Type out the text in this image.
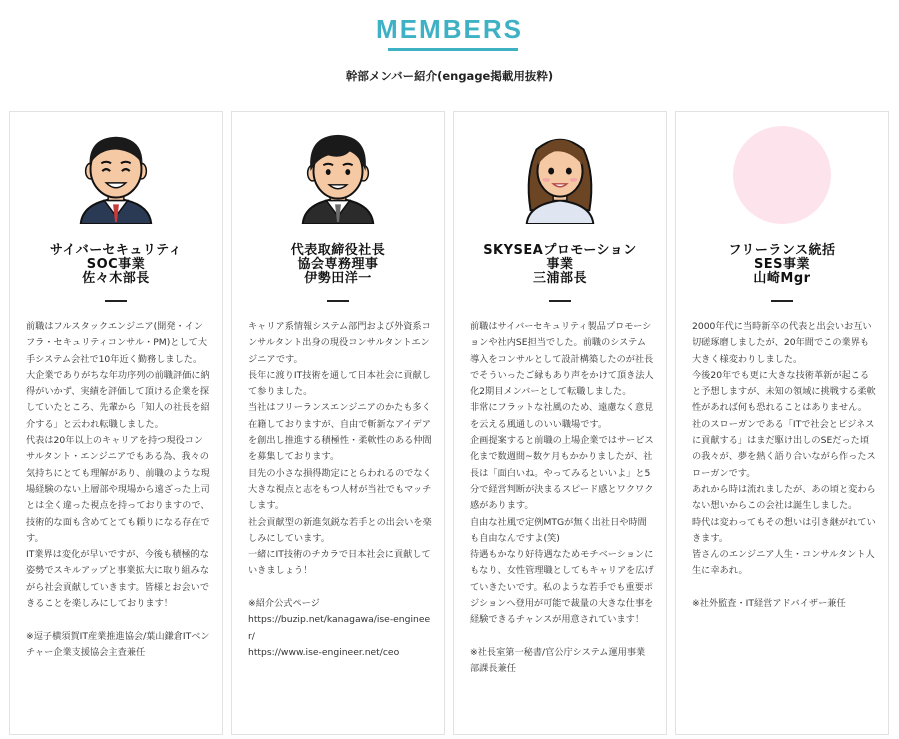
MEMBERS
幹部メンバー紹介(engage掲載用抜粋)
サイバーセキュリティ
SOC事業
佐々木部長

前職はフルスタックエンジニア(開発・インフラ・セキュリティコンサル・PM)として大手システム会社で10年近く勤務しました。
大企業でありがちな年功序列の前職評価に納得がいかず、実績を評価して頂ける企業を探していたところ、先輩から「知人の社長を紹介する」と云われ転職しました。
代表は20年以上のキャリアを持つ現役コンサルタント・エンジニアでもある為、我々の気持ちにとても理解があり、前職のような現場経験のない上層部や現場から遠ざった上司とは全く違った視点を持っておりますので、技術的な面も含めてとても頼りになる存在です。
IT業界は変化が早いですが、今後も積極的な姿勢でスキルアップと事業拡大に取り組みながら社会貢献していきます。皆様とお会いできることを楽しみにしております！

※逗子横須賀IT産業推進協会/葉山鎌倉ITベンチャー企業支援協会主査兼任

代表取締役社長
協会専務理事
伊勢田洋一

キャリア系情報システム部門および外資系コンサルタント出身の現役コンサルタントエンジニアです。
長年に渡りIT技術を通して日本社会に貢献して参りました。
当社はフリーランスエンジニアのかたも多く在籍しておりますが、自由で斬新なアイデアを創出し推進する積極性・柔軟性のある仲間を募集しております。
目先の小さな損得勘定にとらわれるのでなく大きな視点と志をもつ人材が当社でもマッチします。
社会貢献型の新進気鋭な若手との出会いを楽しみにしています。
一緒にIT技術のチカラで日本社会に貢献していきましょう！

※紹介公式ページ
https://buzip.net/kanagawa/ise-engineer/
https://www.ise-engineer.net/ceo

SKYSEAプロモーション
事業
三浦部長

前職はサイバーセキュリティ製品プロモーションや社内SE担当でした。前職のシステム導入をコンサルとして設計構築したのが社長でそういったご縁もあり声をかけて頂き法人化2期目メンバーとして転職しました。
非常にフラットな社風のため、遠慮なく意見を云える風通しのいい職場です。
企画提案すると前職の上場企業ではサービス化まで数週間~数ケ月もかかりましたが、社長は「面白いね。やってみるといいよ」と5分で経営判断が決まるスピード感とワクワク感があります。
自由な社風で定例MTGが無く出社日や時間も自由なんですよ(笑)
待遇もかなり好待遇なためモチベーションにもなり、女性管理職としてもキャリアを広げていきたいです。私のような若手でも重要ポジションへ登用が可能で裁量の大きな仕事を経験できるチャンスが用意されています！

※社長室第一秘書/官公庁システム運用事業部課長兼任

フリーランス統括
SES事業
山崎Mgr

2000年代に当時新卒の代表と出会いお互い切磋琢磨しましたが、20年間でこの業界も大きく様変わりしました。
今後20年でも更に大きな技術革新が起こると予想しますが、未知の領域に挑戦する柔軟性があれば何も恐れることはありません。
社のスローガンである「ITで社会とビジネスに貢献する」はまだ駆け出しのSEだった頃の我々が、夢を熱く語り合いながら作ったスローガンです。
あれから時は流れましたが、あの頃と変わらない想いからこの会社は誕生しました。
時代は変わってもその想いは引き継がれていきます。
皆さんのエンジニア人生・コンサルタント人生に幸あれ。

※社外監査・IT経営アドバイザー兼任
